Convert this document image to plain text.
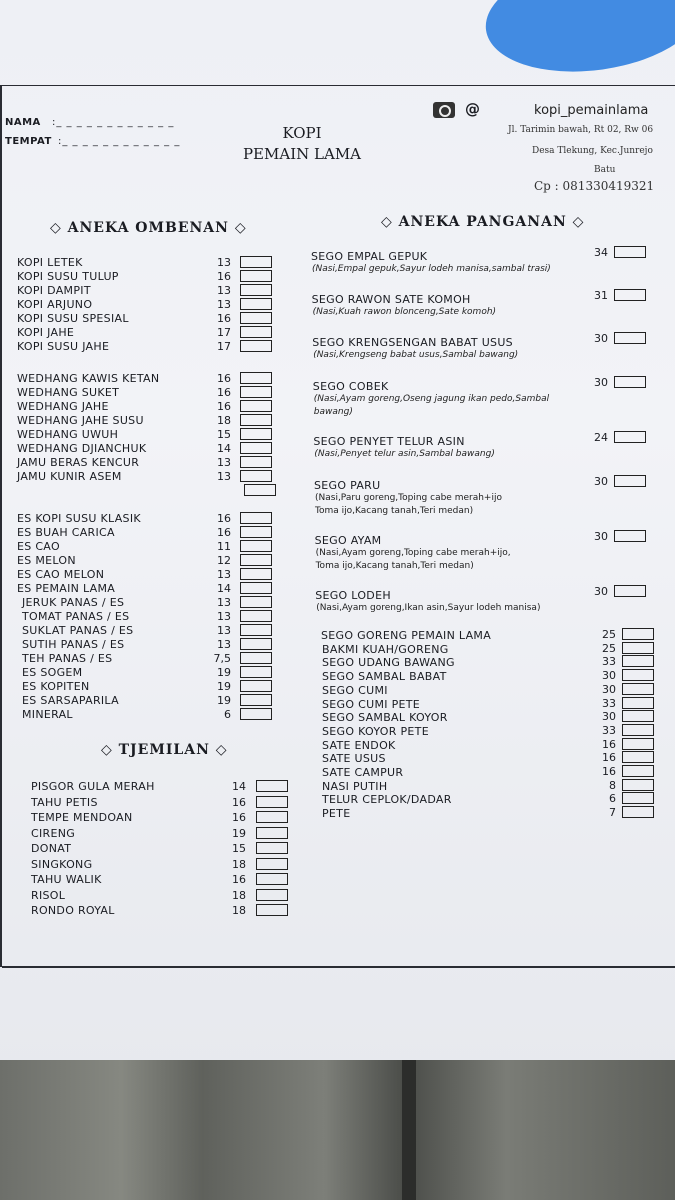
NAMA :_ _ _ _ _ _ _ _ _ _ _ _
TEMPAT :_ _ _ _ _ _ _ _ _ _ _ _	KOPI
PEMAIN LAMA
@	kopi_pemainlama
Jl. Tarimin bawah, Rt 02, Rw 06
Desa Tlekung, Kec.Junrejo
Batu
Cp : 081330419321
◇ ANEKA OMBENAN ◇	◇ ANEKA PANGANAN ◇
◇ TJEMILAN ◇
KOPI LETEK	13
KOPI SUSU TULUP	16
KOPI DAMPIT	13
KOPI ARJUNO	13
KOPI SUSU SPESIAL	16
KOPI JAHE	17
KOPI SUSU JAHE	17
WEDHANG KAWIS KETAN	16
WEDHANG SUKET	16
WEDHANG JAHE	16
WEDHANG JAHE SUSU	18
WEDHANG UWUH	15
WEDHANG DJIANCHUK	14
JAMU BERAS KENCUR	13
JAMU KUNIR ASEM	13
ES KOPI SUSU KLASIK	16
ES BUAH CARICA	16
ES CAO	11
ES MELON	12
ES CAO MELON	13
ES PEMAIN LAMA	14
JERUK PANAS / ES	13
TOMAT PANAS / ES	13
SUKLAT PANAS / ES	13
SUTIH PANAS / ES	13
TEH PANAS / ES	7,5
ES SOGEM	19
ES KOPITEN	19
ES SARSAPARILA	19
MINERAL	6
PISGOR GULA MERAH	14
TAHU PETIS	16
TEMPE MENDOAN	16
CIRENG	19
DONAT	15
SINGKONG	18
TAHU WALIK	16
RISOL	18
RONDO ROYAL	18
SEGO EMPAL GEPUK	34
(Nasi,Empal gepuk,Sayur lodeh manisa,sambal trasi)
SEGO RAWON SATE KOMOH	31
(Nasi,Kuah rawon blonceng,Sate komoh)
SEGO KRENGSENGAN BABAT USUS	30
(Nasi,Krengseng babat usus,Sambal bawang)
SEGO COBEK	30
(Nasi,Ayam goreng,Oseng jagung ikan pedo,Sambal
bawang)
SEGO PENYET TELUR ASIN	24
(Nasi,Penyet telur asin,Sambal bawang)
SEGO PARU	30
(Nasi,Paru goreng,Toping cabe merah+ijo
Toma ijo,Kacang tanah,Teri medan)
SEGO AYAM	30
(Nasi,Ayam goreng,Toping cabe merah+ijo,
Toma ijo,Kacang tanah,Teri medan)
SEGO LODEH	30
(Nasi,Ayam goreng,Ikan asin,Sayur lodeh manisa)
SEGO GORENG PEMAIN LAMA	25
BAKMI KUAH/GORENG	25
SEGO UDANG BAWANG	33
SEGO SAMBAL BABAT	30
SEGO CUMI	30
SEGO CUMI PETE	33
SEGO SAMBAL KOYOR	30
SEGO KOYOR PETE	33
SATE ENDOK	16
SATE USUS	16
SATE CAMPUR	16
NASI PUTIH	8
TELUR CEPLOK/DADAR	6
PETE	7
